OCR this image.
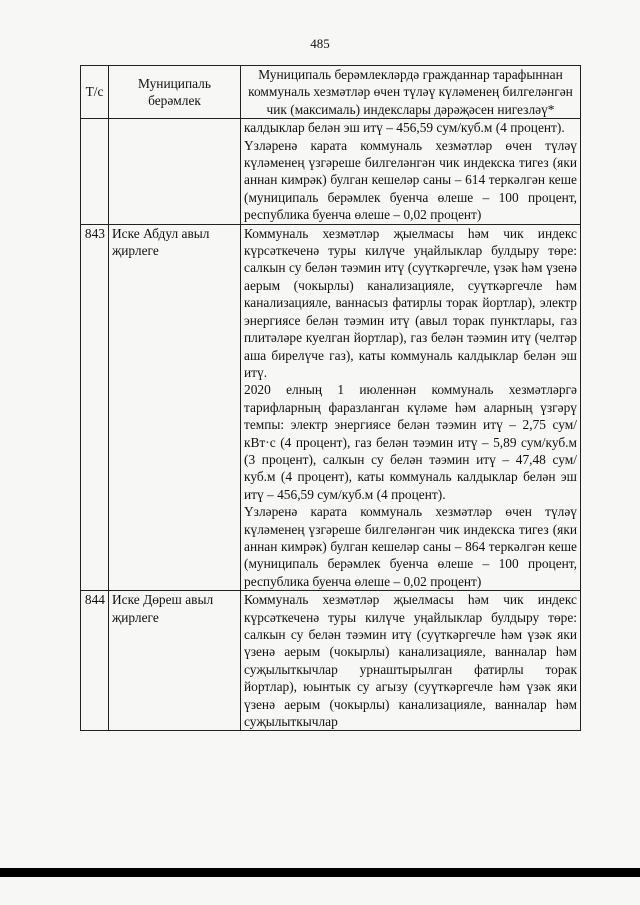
485
Т/с	Муниципаль берәмлек	Муниципаль берәмлекләрдә гражданнар тарафыннан коммуналь хезмәтләр өчен түләү күләменең билгеләнгән чик (максималь) индекслары дәрәҗәсен нигезләү*

		калдыклар белән эш итү – 456,59 сум/куб.м (4 процент).
Үзләренә карата коммуналь хезмәтләр өчен түләү күләменең үзгәреше билгеләнгән чик индекска тигез (яки аннан кимрәк) булган кешеләр саны – 614 теркәлгән кеше (муниципаль берәмлек буенча өлеше – 100 процент, республика буенча өлеше – 0,02 процент)

843	Иске Абдул авыл җирлеге	Коммуналь хезмәтләр җыелмасы һәм чик индекс күрсәткеченә туры килүче уңайлыклар булдыру төре: салкын су белән тәэмин итү (суүткәргечле, үзәк һәм үзенә аерым (чокырлы) канализацияле, суүткәргечле һәм канализацияле, ваннасыз фатирлы торак йортлар), электр энергиясе белән тәэмин итү (авыл торак пунктлары, газ плитәләре куелган йортлар), газ белән тәэмин итү (челтәр аша бирелүче газ), каты коммуналь калдыклар белән эш итү.
2020 елның 1 июленнән коммуналь хезмәтләргә тарифларның фаразланган күләме һәм аларның үзгәрү темпы: электр энергиясе белән тәэмин итү – 2,75 сум/кВт·с (4 процент), газ белән тәэмин итү – 5,89 сум/куб.м (3 процент), салкын су белән тәэмин итү – 47,48 сум/куб.м (4 процент), каты коммуналь калдыклар белән эш итү – 456,59 сум/куб.м (4 процент).
Үзләренә карата коммуналь хезмәтләр өчен түләү күләменең үзгәреше билгеләнгән чик индекска тигез (яки аннан кимрәк) булган кешеләр саны – 864 теркәлгән кеше (муниципаль берәмлек буенча өлеше – 100 процент, республика буенча өлеше – 0,02 процент)

844	Иске Дөреш авыл җирлеге	Коммуналь хезмәтләр җыелмасы һәм чик индекс күрсәткеченә туры килүче уңайлыклар булдыру төре: салкын су белән тәэмин итү (суүткәргечле һәм үзәк яки үзенә аерым (чокырлы) канализацияле, ванналар һәм суҗылыткычлар урнаштырылган фатирлы торак йортлар), юынтык су агызу (суүткәргечле һәм үзәк яки үзенә аерым (чокырлы) канализацияле, ванналар һәм суҗылыткычлар
